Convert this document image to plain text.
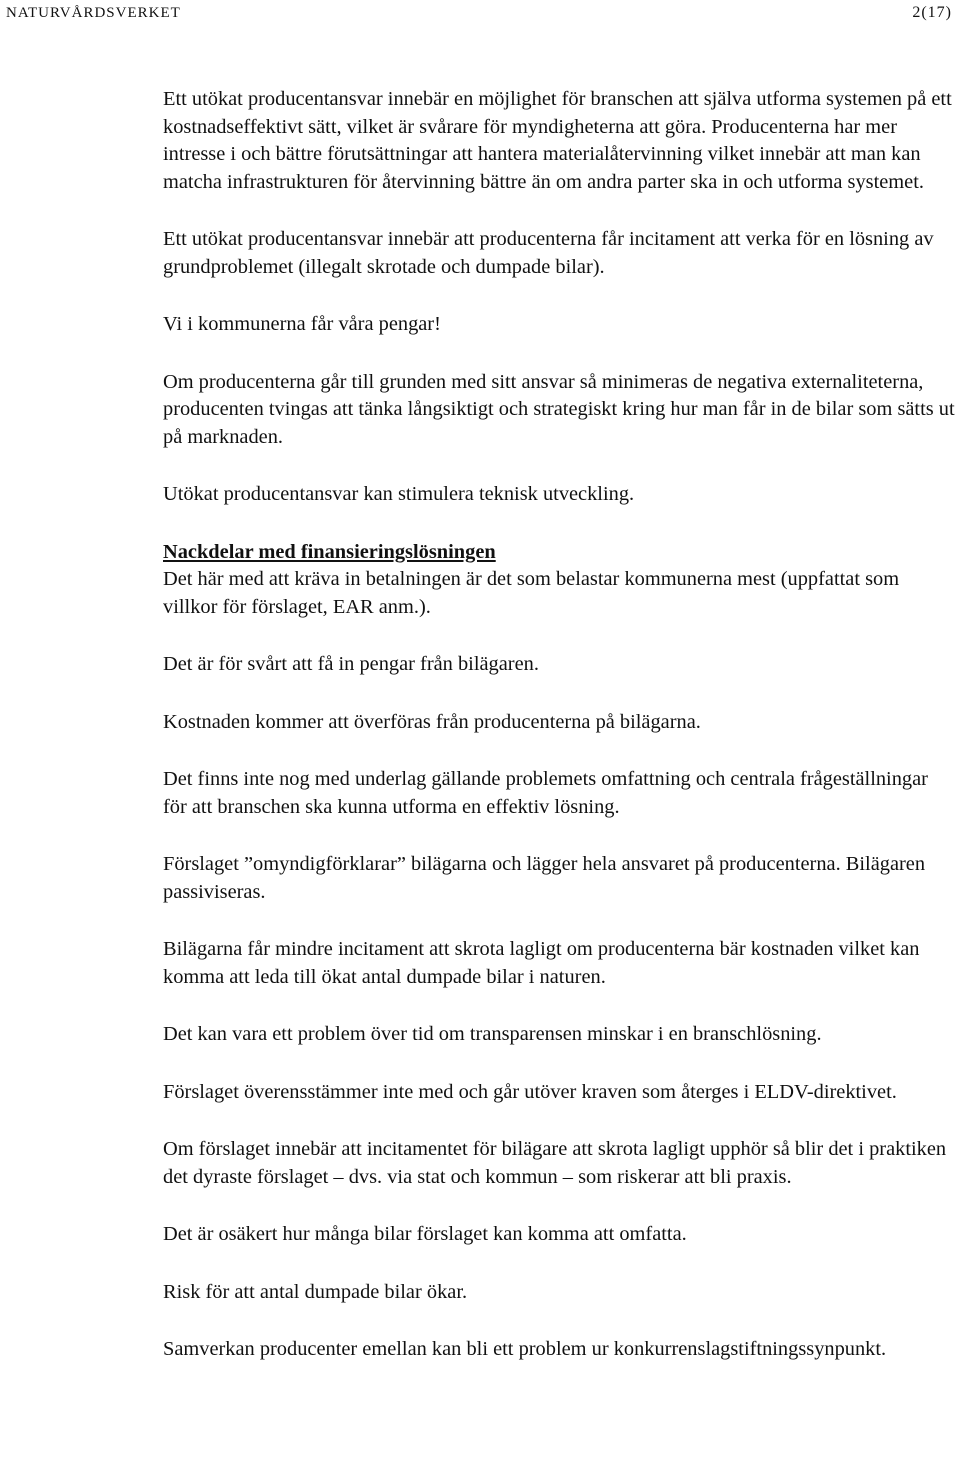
NATURVÅRDSVERKET	2(17)

Ett utökat producentansvar innebär en möjlighet för branschen att själva utforma systemen på ett kostnadseffektivt sätt, vilket är svårare för myndigheterna att göra. Producenterna har mer intresse i och bättre förutsättningar att hantera materialåtervinning vilket innebär att man kan matcha infrastrukturen för återvinning bättre än om andra parter ska in och utforma systemet.

Ett utökat producentansvar innebär att producenterna får incitament att verka för en lösning av grundproblemet (illegalt skrotade och dumpade bilar).

Vi i kommunerna får våra pengar!

Om producenterna går till grunden med sitt ansvar så minimeras de negativa externaliteterna, producenten tvingas att tänka långsiktigt och strategiskt kring hur man får in de bilar som sätts ut på marknaden.

Utökat producentansvar kan stimulera teknisk utveckling.

Nackdelar med finansieringslösningen
Det här med att kräva in betalningen är det som belastar kommunerna mest (uppfattat som villkor för förslaget, EAR anm.).

Det är för svårt att få in pengar från bilägaren.

Kostnaden kommer att överföras från producenterna på bilägarna.

Det finns inte nog med underlag gällande problemets omfattning och centrala frågeställningar för att branschen ska kunna utforma en effektiv lösning.

Förslaget ”omyndigförklarar” bilägarna och lägger hela ansvaret på producenterna. Bilägaren passiviseras.

Bilägarna får mindre incitament att skrota lagligt om producenterna bär kostnaden vilket kan komma att leda till ökat antal dumpade bilar i naturen.

Det kan vara ett problem över tid om transparensen minskar i en branschlösning.

Förslaget överensstämmer inte med och går utöver kraven som återges i ELDV-direktivet.

Om förslaget innebär att incitamentet för bilägare att skrota lagligt upphör så blir det i praktiken det dyraste förslaget – dvs. via stat och kommun – som riskerar att bli praxis.

Det är osäkert hur många bilar förslaget kan komma att omfatta.

Risk för att antal dumpade bilar ökar.

Samverkan producenter emellan kan bli ett problem ur konkurrenslagstiftningssynpunkt.
